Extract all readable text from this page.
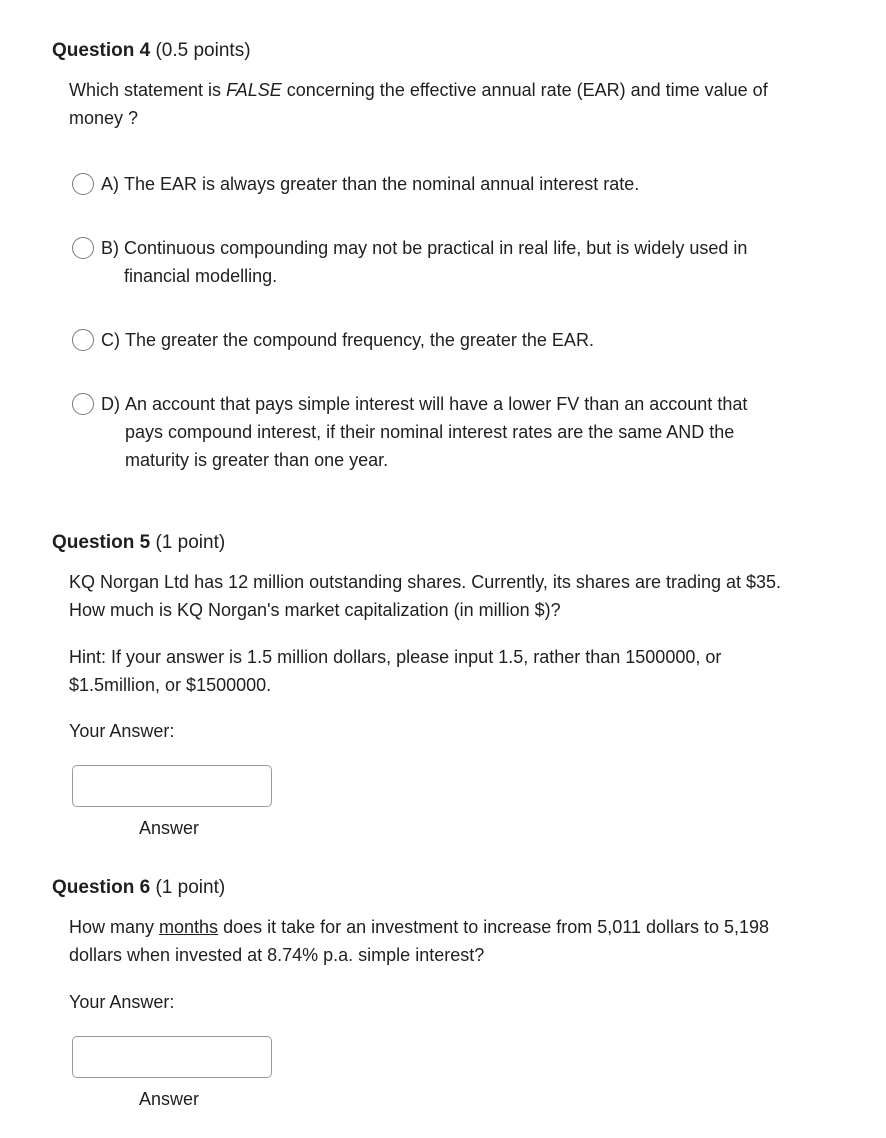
Question 4 (0.5 points)

Which statement is FALSE concerning the effective annual rate (EAR) and time value of money ?

A) The EAR is always greater than the nominal annual interest rate.
B) Continuous compounding may not be practical in real life, but is widely used in financial modelling.
C) The greater the compound frequency, the greater the EAR.
D) An account that pays simple interest will have a lower FV than an account that pays compound interest, if their nominal interest rates are the same AND the maturity is greater than one year.

Question 5 (1 point)

KQ Norgan Ltd has 12 million outstanding shares. Currently, its shares are trading at $35. How much is KQ Norgan's market capitalization (in million $)?

Hint: If your answer is 1.5 million dollars, please input 1.5, rather than 1500000, or $1.5million, or $1500000.

Your Answer:

Answer

Question 6 (1 point)

How many months does it take for an investment to increase from 5,011 dollars to 5,198 dollars when invested at 8.74% p.a. simple interest?

Your Answer:

Answer
